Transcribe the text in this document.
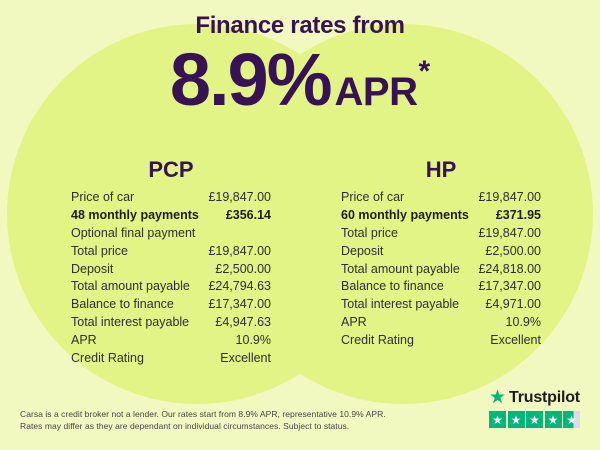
Finance rates from
8.9% APR *
PCP
Price of car	£19,847.00
48 monthly payments £356.14
Optional final payment
Total price	£19,847.00
Deposit	£2,500.00
Total amount payable £24,794.63
Balance to finance	£17,347.00
Total interest payable £4,947.63
APR	10.9%
Credit Rating	Excellent
HP
Price of car	£19,847.00
60 monthly payments £371.95
Total price	£19,847.00
Deposit	£2,500.00
Total amount payable £24,818.00
Balance to finance	£17,347.00
Total interest payable £4,971.00
APR	10.9%
Credit Rating	Excellent
Carsa is a credit broker not a lender. Our rates start from 8.9% APR, representative 10.9% APR.
Rates may differ as they are dependant on individual circumstances. Subject to status.
★ Trustpilot
★ ★ ★ ★ ★
